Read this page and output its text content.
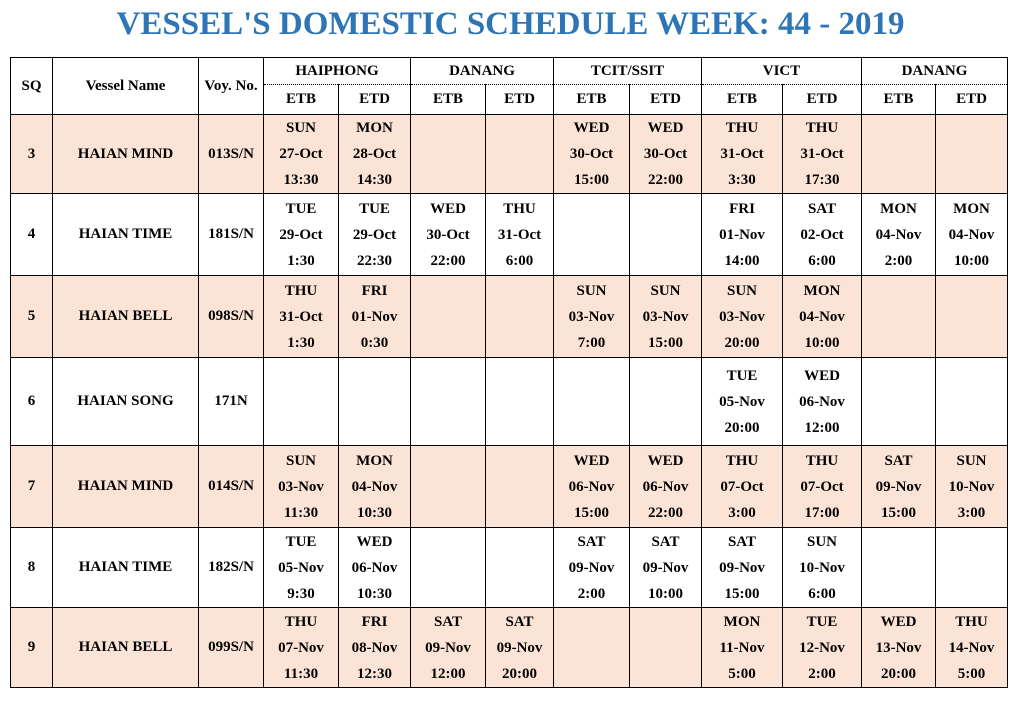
VESSEL'S DOMESTIC SCHEDULE WEEK: 44 - 2019
SQ	Vessel Name	Voy. No.	HAIPHONG		DANANG		TCIT/SSIT		VICT		DANANG	
			ETB	ETD	ETB	ETD	ETB	ETD	ETB	ETD	ETB	ETD
3	HAIAN MIND	013S/N	SUN
27-Oct
13:30	MON
28-Oct
14:30			WED
30-Oct
15:00	WED
30-Oct
22:00	THU
31-Oct
3:30	THU
31-Oct
17:30		

4	HAIAN TIME	181S/N	TUE
29-Oct
1:30	TUE
29-Oct
22:30	WED
30-Oct
22:00	THU
31-Oct
6:00			FRI
01-Nov
14:00	SAT
02-Oct
6:00	MON
04-Nov
2:00	MON
04-Nov
10:00

5	HAIAN BELL	098S/N	THU
31-Oct
1:30	FRI
01-Nov
0:30			SUN
03-Nov
7:00	SUN
03-Nov
15:00	SUN
03-Nov
20:00	MON
04-Nov
10:00		

6	HAIAN SONG	171N							TUE
05-Nov
20:00	WED
06-Nov
12:00		

7	HAIAN MIND	014S/N	SUN
03-Nov
11:30	MON
04-Nov
10:30			WED
06-Nov
15:00	WED
06-Nov
22:00	THU
07-Oct
3:00	THU
07-Oct
17:00	SAT
09-Nov
15:00	SUN
10-Nov
3:00

8	HAIAN TIME	182S/N	TUE
05-Nov
9:30	WED
06-Nov
10:30			SAT
09-Nov
2:00	SAT
09-Nov
10:00	SAT
09-Nov
15:00	SUN
10-Nov
6:00		

9	HAIAN BELL	099S/N	THU
07-Nov
11:30	FRI
08-Nov
12:30	SAT
09-Nov
12:00	SAT
09-Nov
20:00			MON
11-Nov
5:00	TUE
12-Nov
2:00	WED
13-Nov
20:00	THU
14-Nov
5:00
